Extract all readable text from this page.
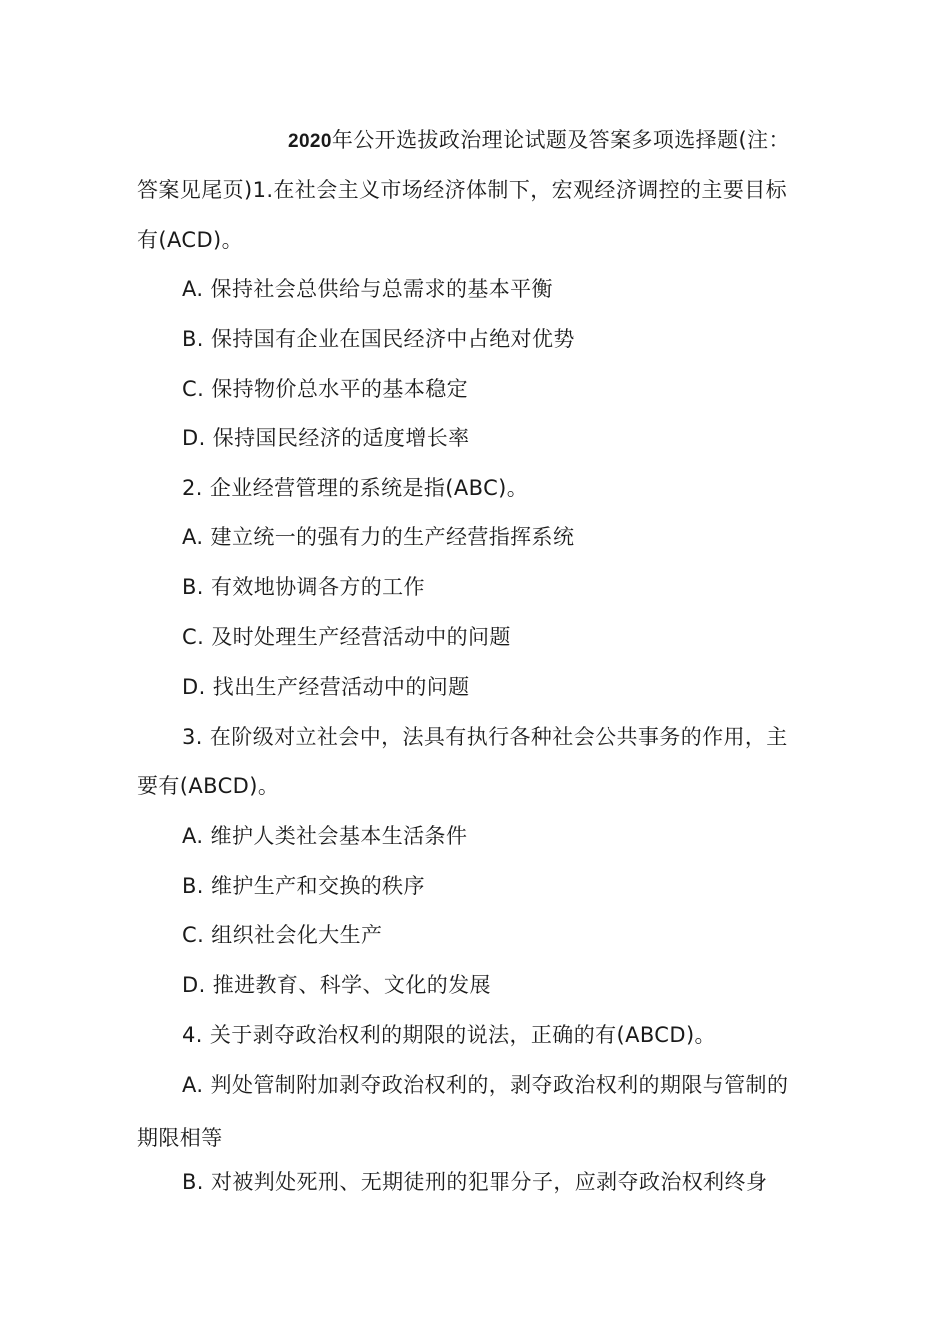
2020年公开选拔政治理论试题及答案多项选择题(注：
答案见尾页)1.在社会主义市场经济体制下，宏观经济调控的主要目标
有(ACD)。
A. 保持社会总供给与总需求的基本平衡
B. 保持国有企业在国民经济中占绝对优势
C. 保持物价总水平的基本稳定
D. 保持国民经济的适度增长率
2. 企业经营管理的系统是指(ABC)。
A. 建立统一的强有力的生产经营指挥系统
B. 有效地协调各方的工作
C. 及时处理生产经营活动中的问题
D. 找出生产经营活动中的问题
3. 在阶级对立社会中，法具有执行各种社会公共事务的作用，主
要有(ABCD)。
A. 维护人类社会基本生活条件
B. 维护生产和交换的秩序
C. 组织社会化大生产
D. 推进教育、科学、文化的发展
4. 关于剥夺政治权利的期限的说法，正确的有(ABCD)。
A. 判处管制附加剥夺政治权利的，剥夺政治权利的期限与管制的
期限相等
B. 对被判处死刑、无期徒刑的犯罪分子，应剥夺政治权利终身
